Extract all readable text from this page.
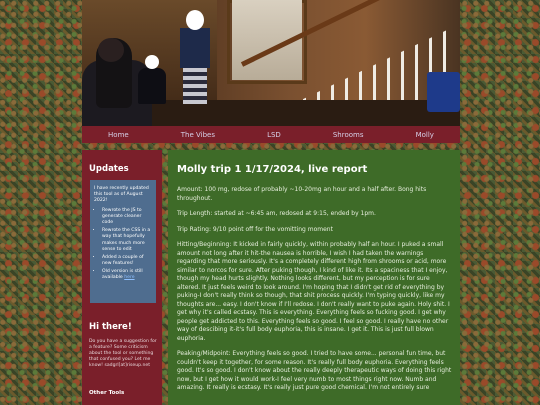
Home	The Vibes	LSD	Shrooms	Molly
Updates
I have recently updated this tool as of August 2022!
• Rewrote the JS to generate cleaner code
• Rewrote the CSS in a way that hopefully makes much more sense to edit
• Added a couple of new features!
• Old version is still available here
Hi there!
Do you have a suggestion for a feature? Some criticism about the tool or something that confused you? Let me know! sadgrl[at]riseup.net
Other Tools
Molly trip 1 1/17/2024, live report

Amount: 100 mg, redose of probably ~10-20mg an hour and a half after. Bong hits throughout.

Trip Length: started at ~6:45 am, redosed at 9:15, ended by 1pm.

Trip Rating: 9/10 point off for the vomitting moment

Hitting/Beginning: It kicked in fairly quickly, within probably half an hour. I puked a small amount not long after it hit-the nausea is horrible, I wish I had taken the warnings regarding that more seriously. It's a completely different high from shrooms or acid, more similar to norcos for sure. After puking though, I kind of like it. Its a spaciness that I enjoy, though my head hurts slightly. Nothing looks different, but my perception is for sure altered. It just feels weird to look around. I'm hoping that I didn't get rid of everything by puking-I don't really think so though, that shit process quickly. I'm typing quickly, like my thoughts are... easy. I don't know if I'll redose. I don't really want to puke again. Holy shit. I get why it's called ecstasy. This is everything. Everything feels so fucking good. I get why people get addicted to this. Everything feels so good. I feel so good. I really have no other way of descibing it-it's full body euphoria, this is insane. I get it. This is just full blown euphoria.

Peaking/Midpoint: Everything feels so good. I tried to have some... personal fun time, but couldn't keep it together, for some reason. It's really full body euphoria. Everything feels good. It's so good. I don't know about the really deeply therapeutic ways of doing this right now, but I get how it would work-I feel very numb to most things right now. Numb and amazing. It really is ecstasy. It's really just pure good chemical. I'm not entirely sure
